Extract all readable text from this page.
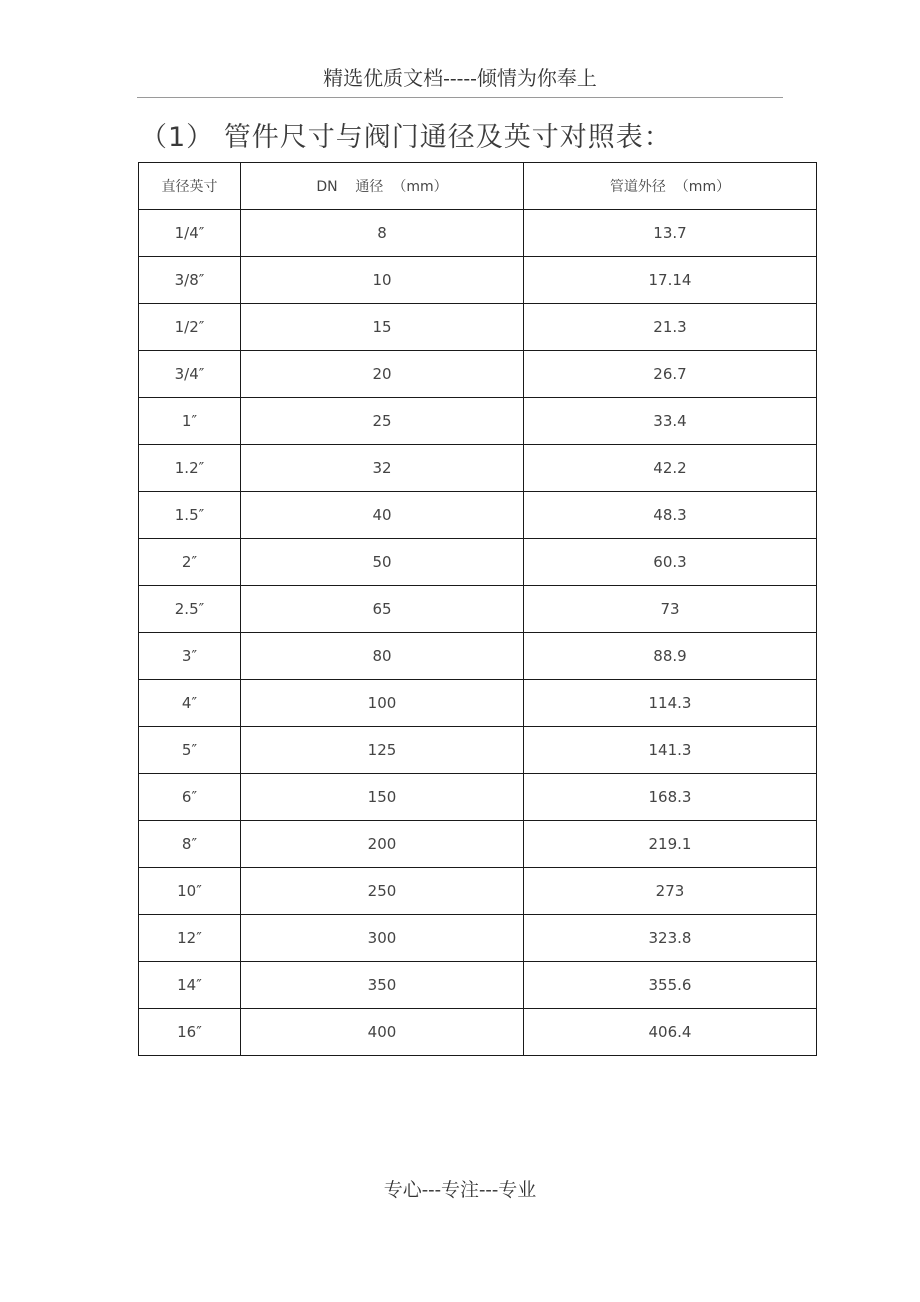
精选优质文档-----倾情为你奉上
（1） 管件尺寸与阀门通径及英寸对照表：
直径英寸	DN    通径  （mm）	管道外径  （mm）
1/4″	8	13.7
3/8″	10	17.14
1/2″	15	21.3
3/4″	20	26.7
1″	25	33.4
1.2″	32	42.2
1.5″	40	48.3
2″	50	60.3
2.5″	65	73
3″	80	88.9
4″	100	114.3
5″	125	141.3
6″	150	168.3
8″	200	219.1
10″	250	273
12″	300	323.8
14″	350	355.6
16″	400	406.4
专心---专注---专业
